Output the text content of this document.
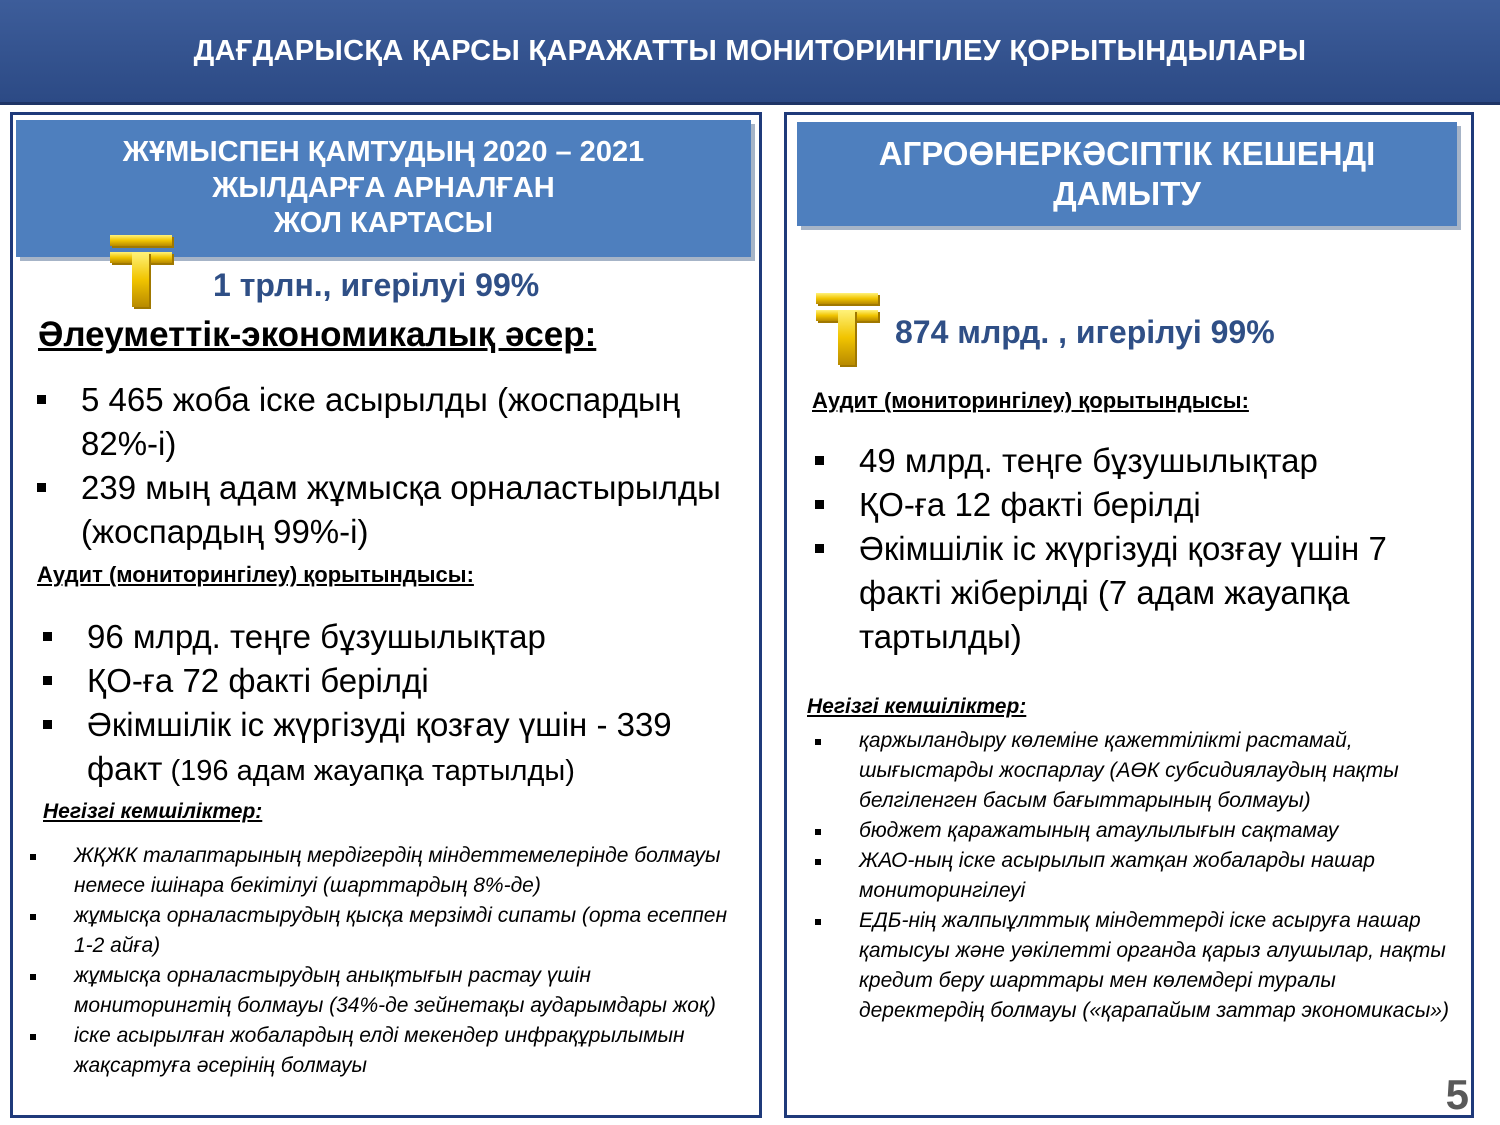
ДАҒДАРЫСҚА ҚАРСЫ ҚАРАЖАТТЫ МОНИТОРИНГІЛЕУ ҚОРЫТЫНДЫЛАРЫ
ЖҰМЫСПЕН ҚАМТУДЫҢ 2020 – 2021
ЖЫЛДАРҒА АРНАЛҒАН
ЖОЛ КАРТАСЫ
1 трлн., игерілуі 99%
Әлеуметтік-экономикалық әсер:
5 465 жоба іске асырылды (жоспардың 82%-і)
239 мың адам жұмысқа орналастырылды (жоспардың 99%-і)
Аудит (мониторингілеу) қорытындысы:
96 млрд. теңге бұзушылықтар
ҚО-ға 72 факті берілді
Әкімшілік іс жүргізуді қозғау үшін - 339 факт (196 адам жауапқа тартылды)
Негізгі кемшіліктер:
ЖҚЖК талаптарының мердігердің міндеттемелерінде болмауы немесе ішінара бекітілуі (шарттардың 8%-де)
жұмысқа орналастырудың қысқа мерзімді сипаты (орта есеппен 1-2 айға)
жұмысқа орналастырудың анықтығын растау үшін мониторингтің болмауы (34%-де зейнетақы аударымдары жоқ)
іске асырылған жобалардың елді мекендер инфрақұрылымын жақсартуға әсерінің болмауы
АГРОӨНЕРКӘСІПТІК КЕШЕНДІ
ДАМЫТУ
874 млрд. , игерілуі 99%
Аудит (мониторингілеу) қорытындысы:
49 млрд. теңге бұзушылықтар
ҚО-ға 12 факті берілді
Әкімшілік іс жүргізуді қозғау үшін 7 факті жіберілді (7 адам жауапқа тартылды)
Негізгі кемшіліктер:
қаржыландыру көлеміне қажеттілікті растамай, шығыстарды жоспарлау (АӨК субсидиялаудың нақты белгіленген басым бағыттарының болмауы)
бюджет қаражатының атаулылығын сақтамау
ЖАО-ның іске асырылып жатқан жобаларды нашар мониторингілеуі
ЕДБ-нің жалпыұлттық міндеттерді іске асыруға нашар қатысуы және уәкілетті органда қарыз алушылар, нақты кредит беру шарттары мен көлемдері туралы деректердің болмауы («қарапайым заттар экономикасы»)
5
